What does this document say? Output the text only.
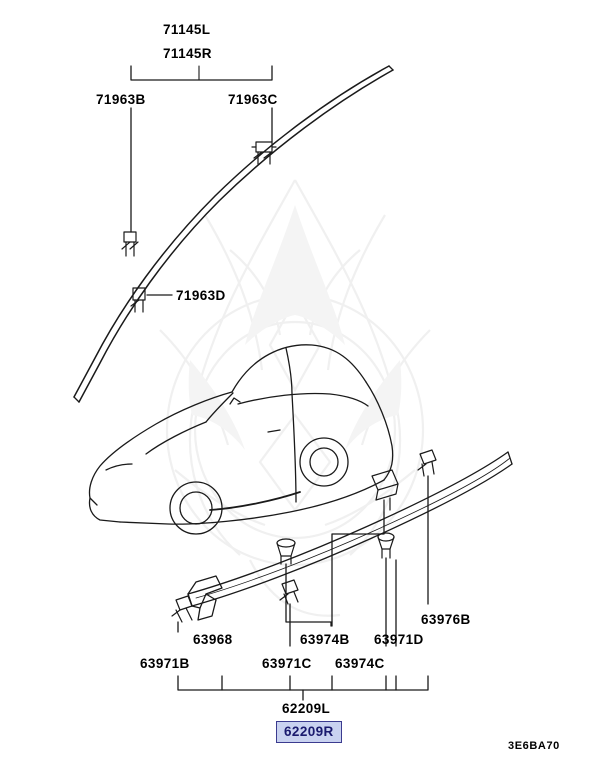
71145L
71145R
71963B	71963C
71963D
63976B
63968	63974B 63971D
63971B	63971C 63974C
62209L
62209R
3E6BA70
